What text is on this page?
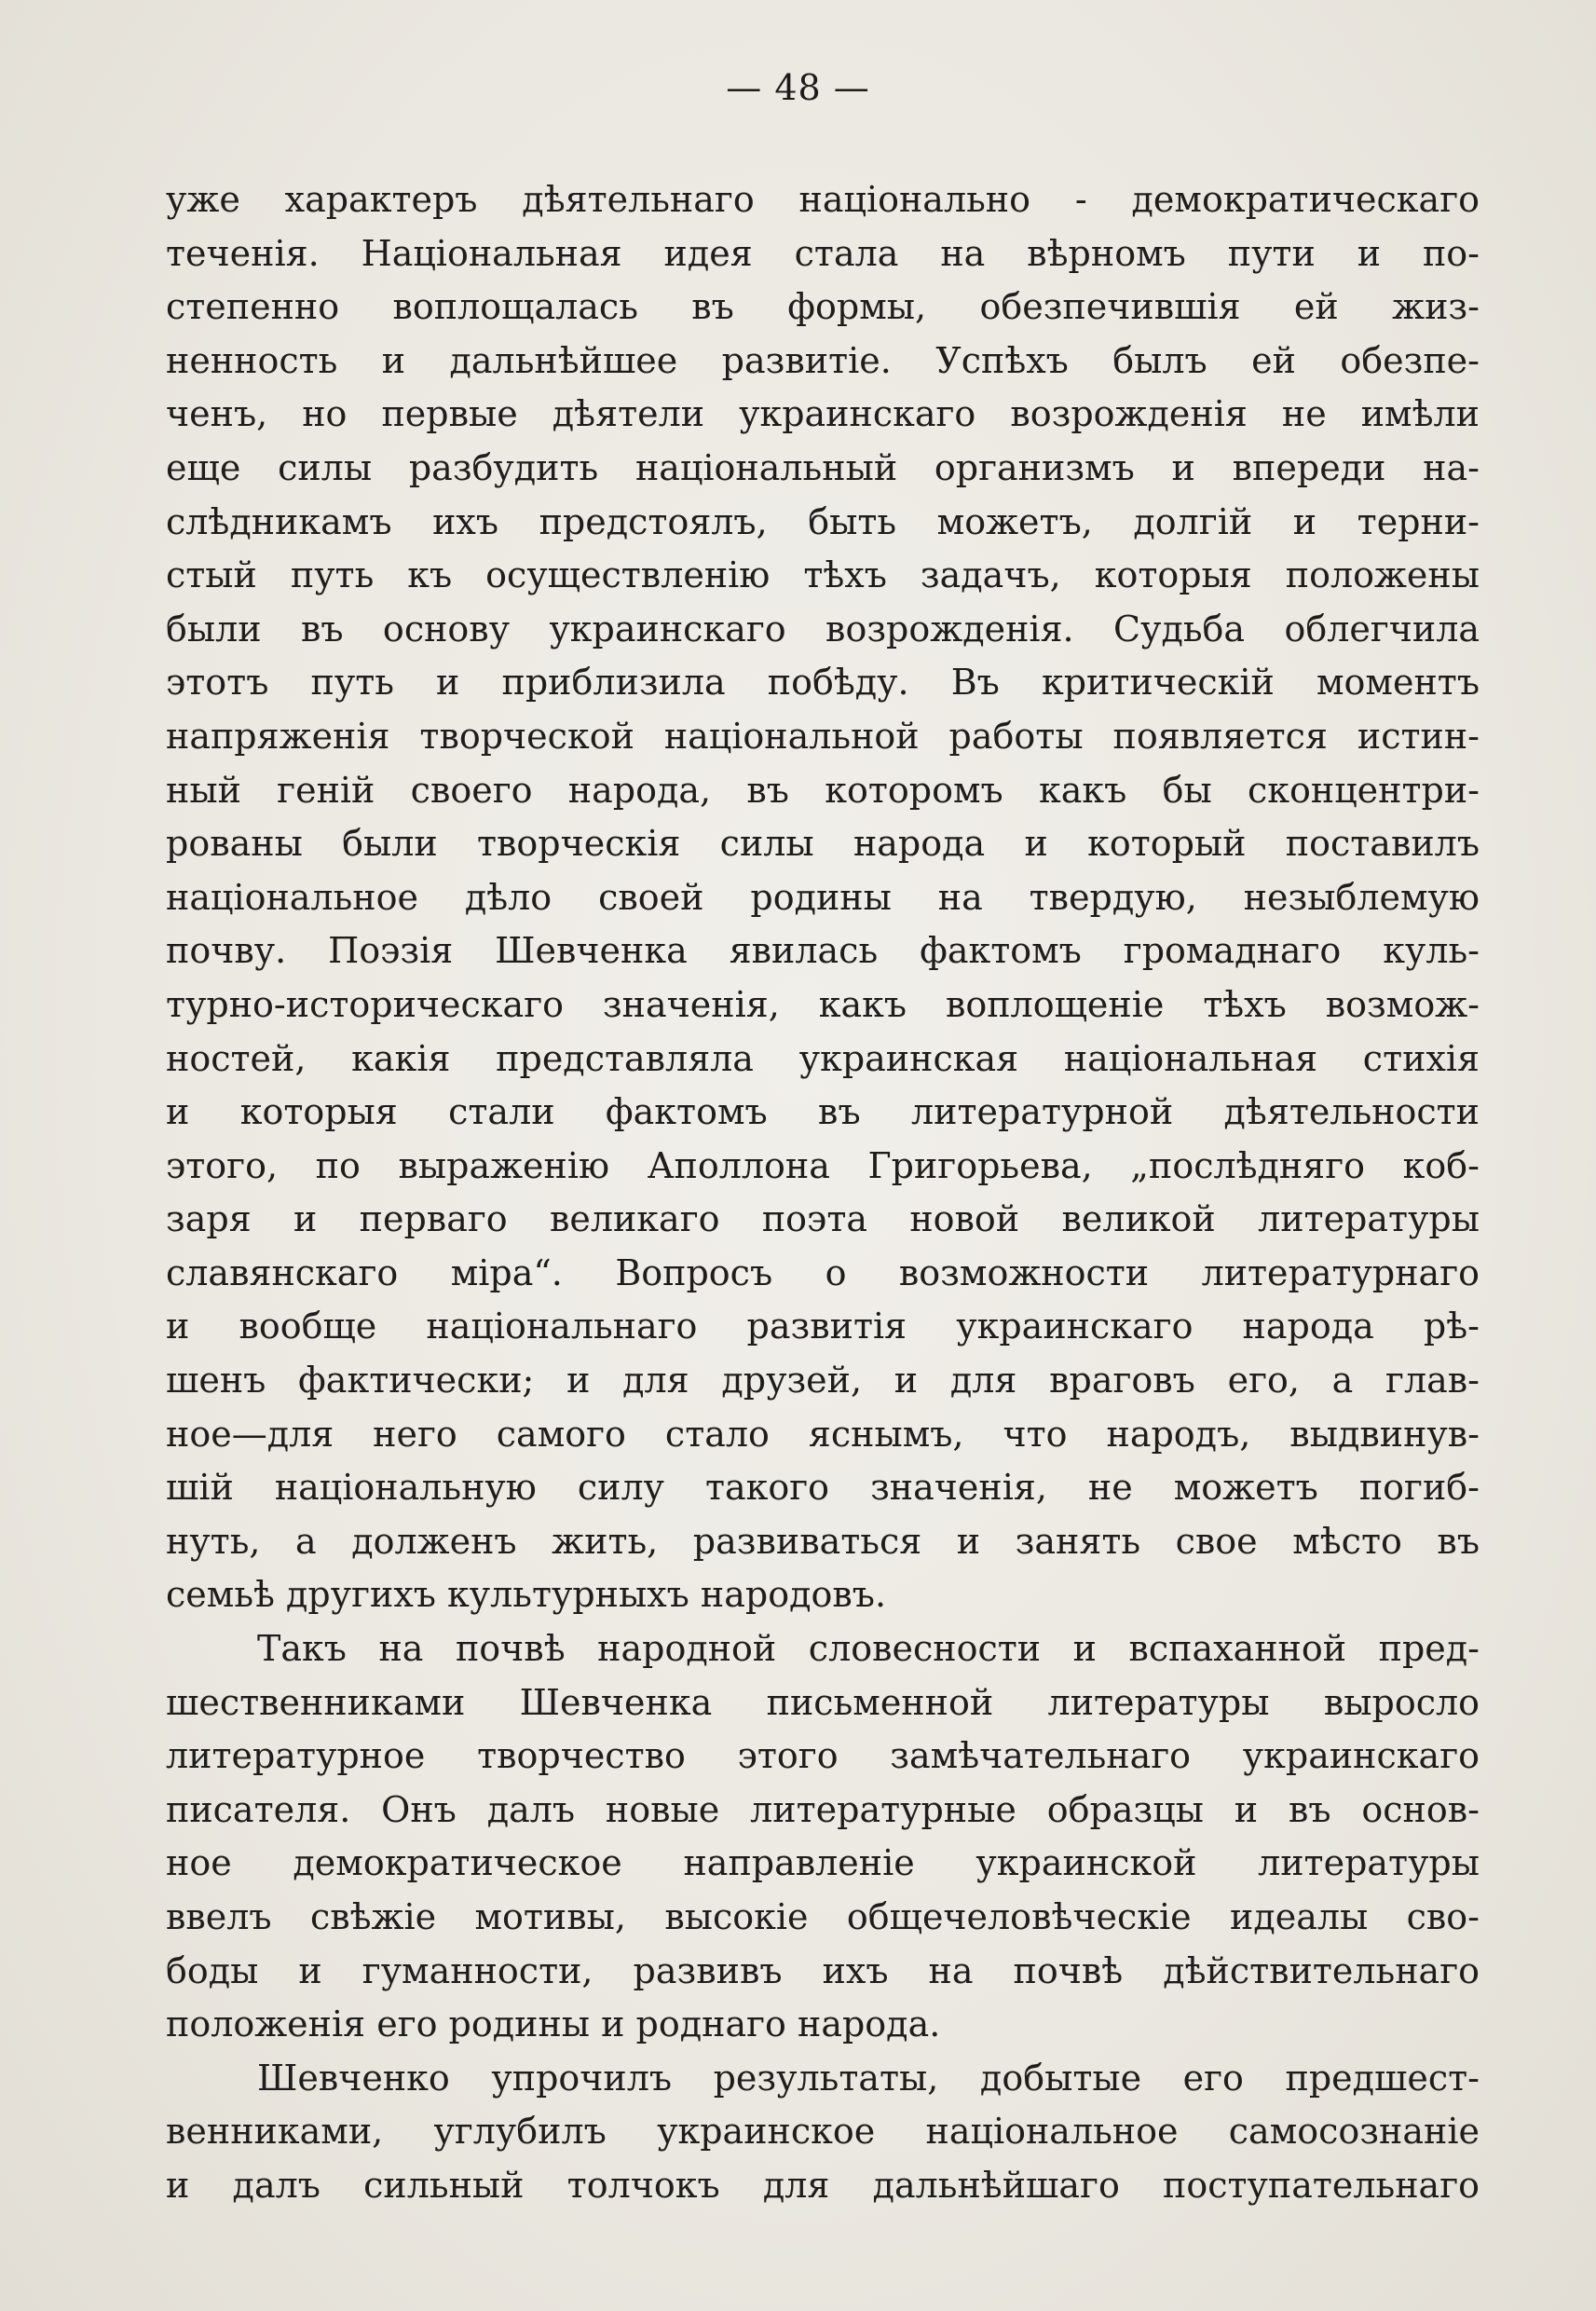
— 48 —
уже характеръ дѣятельнаго національно - демократическаго
теченія. Національная идея стала на вѣрномъ пути и по-
степенно воплощалась въ формы, обезпечившія ей жиз-
ненность и дальнѣйшее развитіе. Успѣхъ былъ ей обезпе-
ченъ, но первые дѣятели украинскаго возрожденія не имѣли
еще силы разбудить національный организмъ и впереди на-
слѣдникамъ ихъ предстоялъ, быть можетъ, долгій и терни-
стый путь къ осуществленію тѣхъ задачъ, которыя положены
были въ основу украинскаго возрожденія. Судьба облегчила
этотъ путь и приблизила побѣду. Въ критическій моментъ
напряженія творческой національной работы появляется истин-
ный геній своего народа, въ которомъ какъ бы сконцентри-
рованы были творческія силы народа и который поставилъ
національное дѣло своей родины на твердую, незыблемую
почву. Поэзія Шевченка явилась фактомъ громаднаго куль-
турно-историческаго значенія, какъ воплощеніе тѣхъ возмож-
ностей, какія представляла украинская національная стихія
и которыя стали фактомъ въ литературной дѣятельности
этого, по выраженію Аполлона Григорьева, „послѣдняго коб-
заря и перваго великаго поэта новой великой литературы
славянскаго міра“. Вопросъ о возможности литературнаго
и вообще національнаго развитія украинскаго народа рѣ-
шенъ фактически; и для друзей, и для враговъ его, а глав-
ное—для него самого стало яснымъ, что народъ, выдвинув-
шій національную силу такого значенія, не можетъ погиб-
нуть, а долженъ жить, развиваться и занять свое мѣсто въ
семьѣ другихъ культурныхъ народовъ.
Такъ на почвѣ народной словесности и вспаханной пред-
шественниками Шевченка письменной литературы выросло
литературное творчество этого замѣчательнаго украинскаго
писателя. Онъ далъ новые литературные образцы и въ основ-
ное демократическое направленіе украинской литературы
ввелъ свѣжіе мотивы, высокіе общечеловѣческіе идеалы сво-
боды и гуманности, развивъ ихъ на почвѣ дѣйствительнаго
положенія его родины и роднаго народа.
Шевченко упрочилъ результаты, добытые его предшест-
венниками, углубилъ украинское національное самосознаніе
и далъ сильный толчокъ для дальнѣйшаго поступательнаго
